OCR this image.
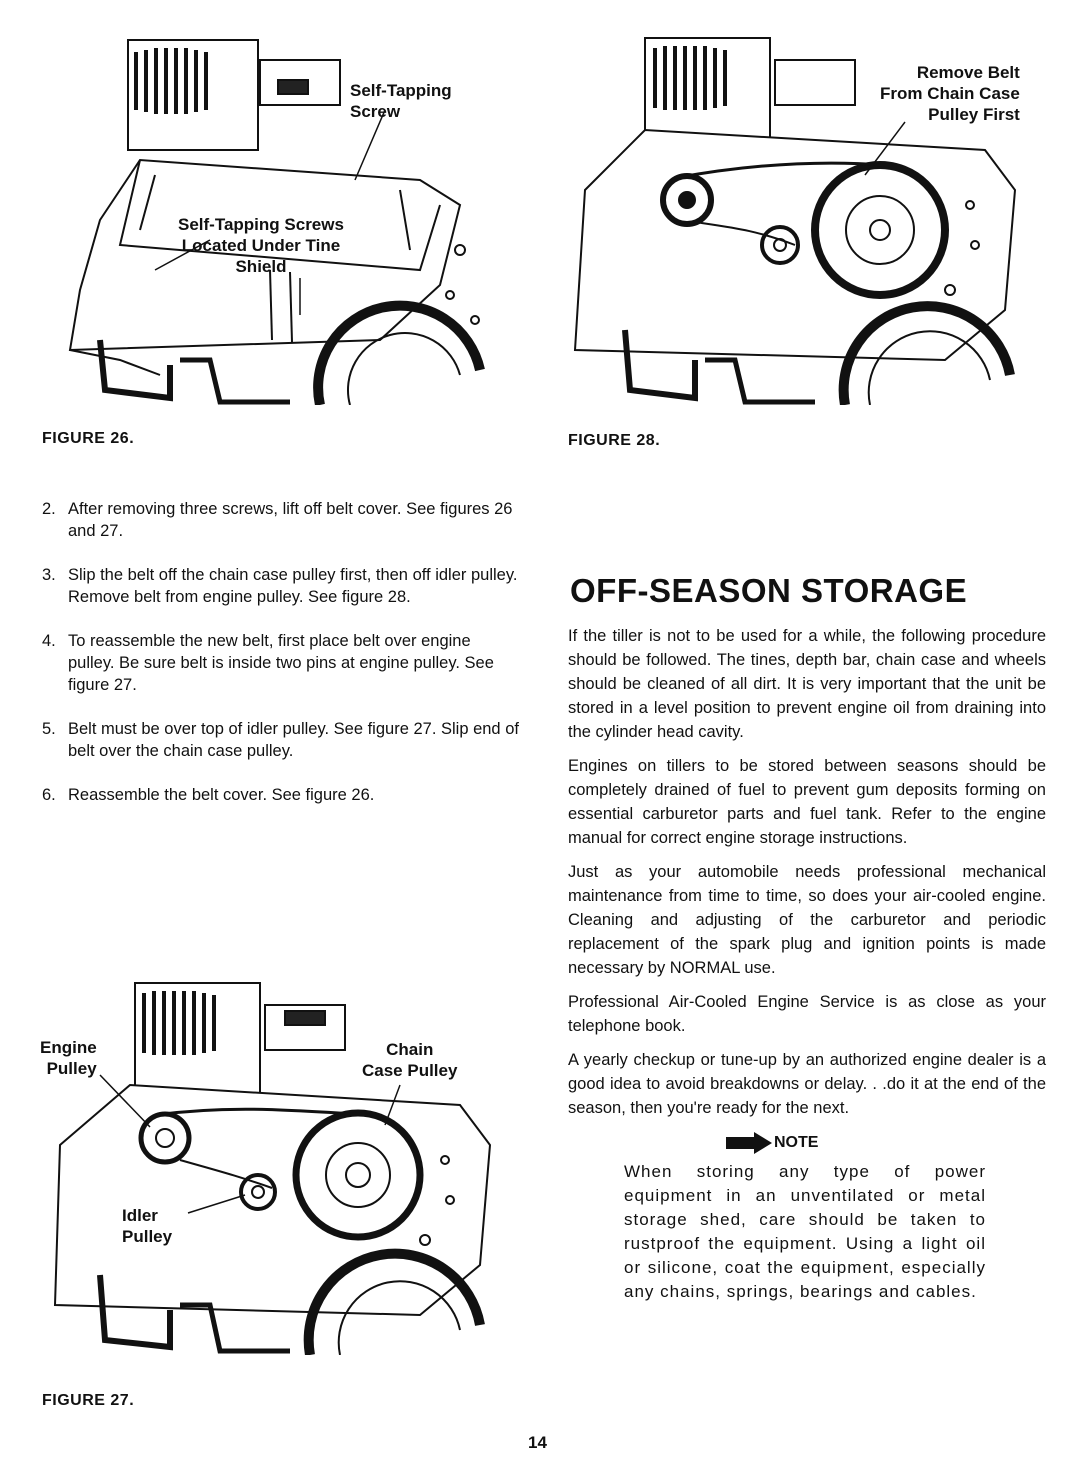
Self-Tapping
Screw
Self-Tapping Screws
Located Under Tine
Shield
FIGURE 26.
Remove Belt
From Chain Case
Pulley First
FIGURE 28.
2. After removing three screws, lift off belt cover. See figures 26 and 27.
3. Slip the belt off the chain case pulley first, then off idler pulley. Remove belt from engine pulley. See figure 28.
4. To reassemble the new belt, first place belt over engine pulley. Be sure belt is inside two pins at engine pulley. See figure 27.
5. Belt must be over top of idler pulley. See figure 27. Slip end of belt over the chain case pulley.
6. Reassemble the belt cover. See figure 26.
Engine
Pulley
Chain
Case Pulley
Idler
Pulley
FIGURE 27.
OFF-SEASON STORAGE

If the tiller is not to be used for a while, the following procedure should be followed. The tines, depth bar, chain case and wheels should be cleaned of all dirt. It is very important that the unit be stored in a level position to prevent engine oil from draining into the cylinder head cavity.

Engines on tillers to be stored between seasons should be completely drained of fuel to prevent gum deposits forming on essential carburetor parts and fuel tank. Refer to the engine manual for correct engine storage instructions.

Just as your automobile needs professional mechanical maintenance from time to time, so does your air-cooled engine. Cleaning and adjusting of the carburetor and periodic replacement of the spark plug and ignition points is made necessary by NORMAL use.

Professional Air-Cooled Engine Service is as close as your telephone book.

A yearly checkup or tune-up by an authorized engine dealer is a good idea to avoid breakdowns or delay. . .do it at the end of the season, then you're ready for the next.

NOTE
When storing any type of power equipment in an unventilated or metal storage shed, care should be taken to rustproof the equipment. Using a light oil or silicone, coat the equipment, especially any chains, springs, bearings and cables.
14
